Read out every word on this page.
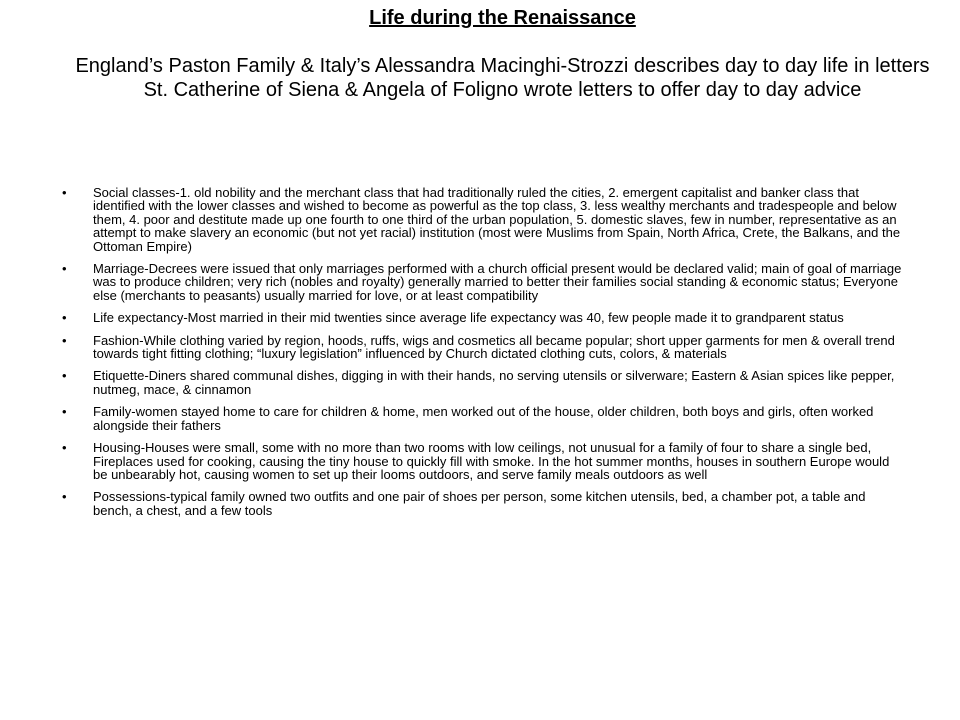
Life during the Renaissance

England’s Paston Family & Italy’s Alessandra Macinghi-Strozzi describes day to day life in letters

St. Catherine of Siena & Angela of Foligno wrote letters to offer day to day advice

• Social classes-1. old nobility and the merchant class that had traditionally ruled the cities, 2. emergent capitalist and banker class that identified with the lower classes and wished to become as powerful as the top class, 3. less wealthy merchants and tradespeople and below them, 4. poor and destitute made up one fourth to one third of the urban population, 5. domestic slaves, few in number, representative as an attempt to make slavery an economic (but not yet racial) institution (most were Muslims from Spain, North Africa, Crete, the Balkans, and the Ottoman Empire)
• Marriage-Decrees were issued that only marriages performed with a church official present would be declared valid; main of goal of marriage was to produce children; very rich (nobles and royalty) generally married to better their families social standing & economic status; Everyone else (merchants to peasants) usually married for love, or at least compatibility
• Life expectancy-Most married in their mid twenties since average life expectancy was 40, few people made it to grandparent status
• Fashion-While clothing varied by region, hoods, ruffs, wigs and cosmetics all became popular; short upper garments for men & overall trend towards tight fitting clothing; “luxury legislation” influenced by Church dictated clothing cuts, colors, & materials
• Etiquette-Diners shared communal dishes, digging in with their hands, no serving utensils or silverware; Eastern & Asian spices like pepper, nutmeg, mace, & cinnamon
• Family-women stayed home to care for children & home, men worked out of the house, older children, both boys and girls, often worked alongside their fathers
• Housing-Houses were small, some with no more than two rooms with low ceilings, not unusual for a family of four to share a single bed, Fireplaces used for cooking, causing the tiny house to quickly fill with smoke. In the hot summer months, houses in southern Europe would be unbearably hot, causing women to set up their looms outdoors, and serve family meals outdoors as well
• Possessions-typical family owned two outfits and one pair of shoes per person, some kitchen utensils, bed, a chamber pot, a table and bench, a chest, and a few tools
